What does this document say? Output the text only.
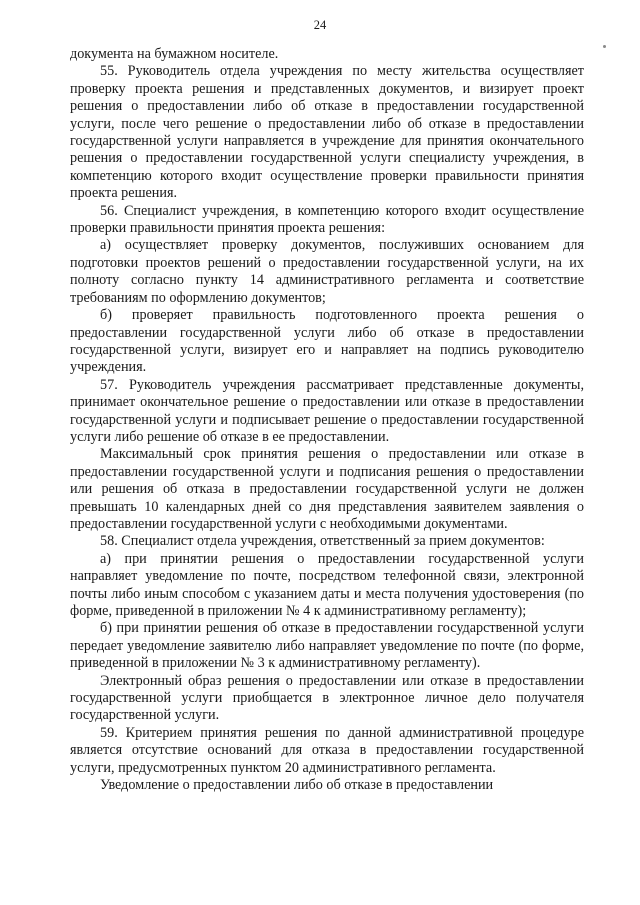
24

документа на бумажном носителе.

55. Руководитель отдела учреждения по месту жительства осуществляет проверку проекта решения и представленных документов, и визирует проект решения о предоставлении либо об отказе в предоставлении государственной услуги, после чего решение о предоставлении либо об отказе в предоставлении государственной услуги направляется в учреждение для принятия окончательного решения о предоставлении государственной услуги специалисту учреждения, в компетенцию которого входит осуществление проверки правильности принятия проекта решения.

56. Специалист учреждения, в компетенцию которого входит осуществление проверки правильности принятия проекта решения:

а) осуществляет проверку документов, послуживших основанием для подготовки проектов решений о предоставлении государственной услуги, на их полноту согласно пункту 14 административного регламента и соответствие требованиям по оформлению документов;

б) проверяет правильность подготовленного проекта решения о предоставлении государственной услуги либо об отказе в предоставлении государственной услуги, визирует его и направляет на подпись руководителю учреждения.

57. Руководитель учреждения рассматривает представленные документы, принимает окончательное решение о предоставлении или отказе в предоставлении государственной услуги и подписывает решение о предоставлении государственной услуги либо решение об отказе в ее предоставлении.

Максимальный срок принятия решения о предоставлении или отказе в предоставлении государственной услуги и подписания решения о предоставлении или решения об отказа в предоставлении государственной услуги не должен превышать 10 календарных дней со дня представления заявителем заявления о предоставлении государственной услуги с необходимыми документами.

58. Специалист отдела учреждения, ответственный за прием документов:

а) при принятии решения о предоставлении государственной услуги направляет уведомление по почте, посредством телефонной связи, электронной почты либо иным способом с указанием даты и места получения удостоверения (по форме, приведенной в приложении № 4 к административному регламенту);

б) при принятии решения об отказе в предоставлении государственной услуги передает уведомление заявителю либо направляет уведомление по почте (по форме, приведенной в приложении № 3 к административному регламенту).

Электронный образ решения о предоставлении или отказе в предоставлении государственной услуги приобщается в электронное личное дело получателя государственной услуги.

59. Критерием принятия решения по данной административной процедуре является отсутствие оснований для отказа в предоставлении государственной услуги, предусмотренных пунктом 20 административного регламента.

Уведомление о предоставлении либо об отказе в предоставлении
